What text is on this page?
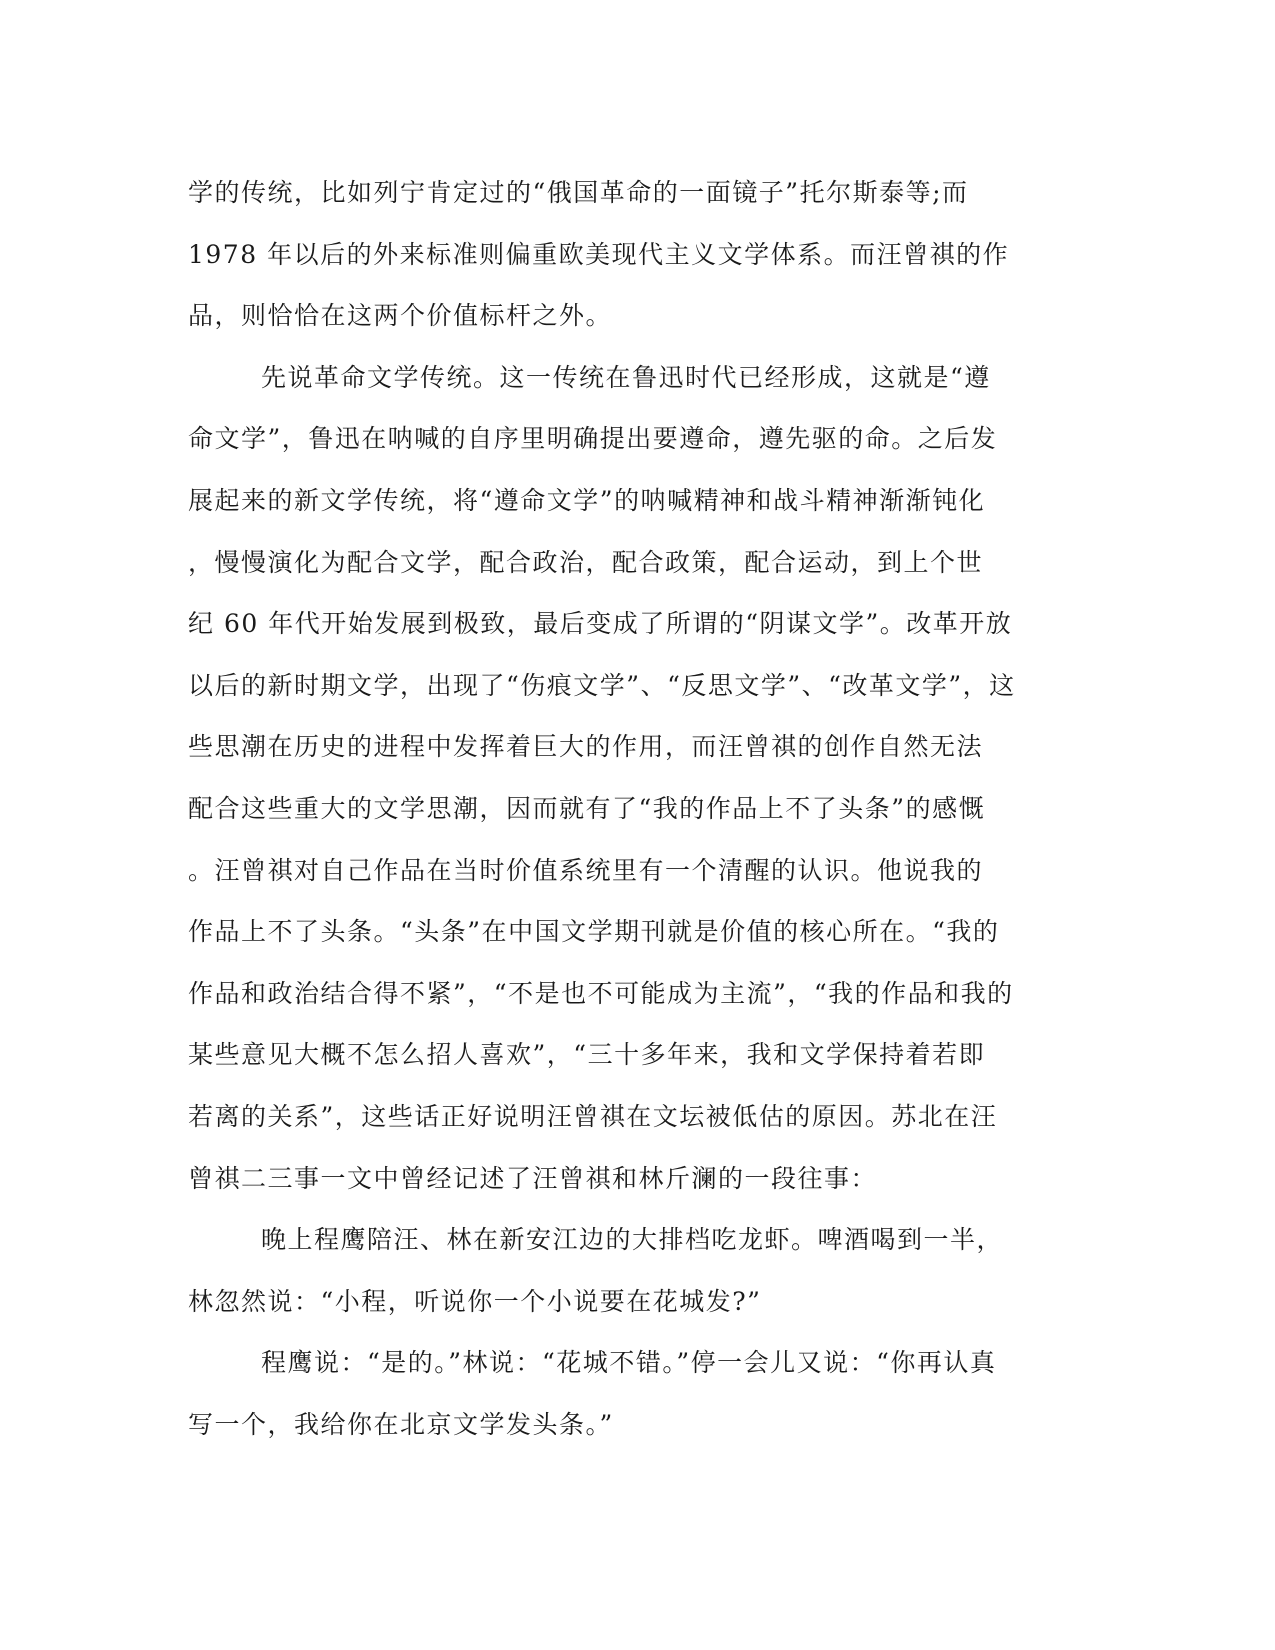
学的传统，比如列宁肯定过的“俄国革命的一面镜子”托尔斯泰等;而
1978 年以后的外来标准则偏重欧美现代主义文学体系。而汪曾祺的作
品，则恰恰在这两个价值标杆之外。
先说革命文学传统。这一传统在鲁迅时代已经形成，这就是“遵
命文学”，鲁迅在呐喊的自序里明确提出要遵命，遵先驱的命。之后发
展起来的新文学传统，将“遵命文学”的呐喊精神和战斗精神渐渐钝化
，慢慢演化为配合文学，配合政治，配合政策，配合运动，到上个世
纪 60 年代开始发展到极致，最后变成了所谓的“阴谋文学”。改革开放
以后的新时期文学，出现了“伤痕文学”、“反思文学”、“改革文学”，这
些思潮在历史的进程中发挥着巨大的作用，而汪曾祺的创作自然无法
配合这些重大的文学思潮，因而就有了“我的作品上不了头条”的感慨
。汪曾祺对自己作品在当时价值系统里有一个清醒的认识。他说我的
作品上不了头条。“头条”在中国文学期刊就是价值的核心所在。“我的
作品和政治结合得不紧”，“不是也不可能成为主流”，“我的作品和我的
某些意见大概不怎么招人喜欢”，“三十多年来，我和文学保持着若即
若离的关系”，这些话正好说明汪曾祺在文坛被低估的原因。苏北在汪
曾祺二三事一文中曾经记述了汪曾祺和林斤澜的一段往事：
晚上程鹰陪汪、林在新安江边的大排档吃龙虾。啤酒喝到一半，
林忽然说：“小程，听说你一个小说要在花城发?”
程鹰说：“是的。”林说：“花城不错。”停一会儿又说：“你再认真
写一个，我给你在北京文学发头条。”
